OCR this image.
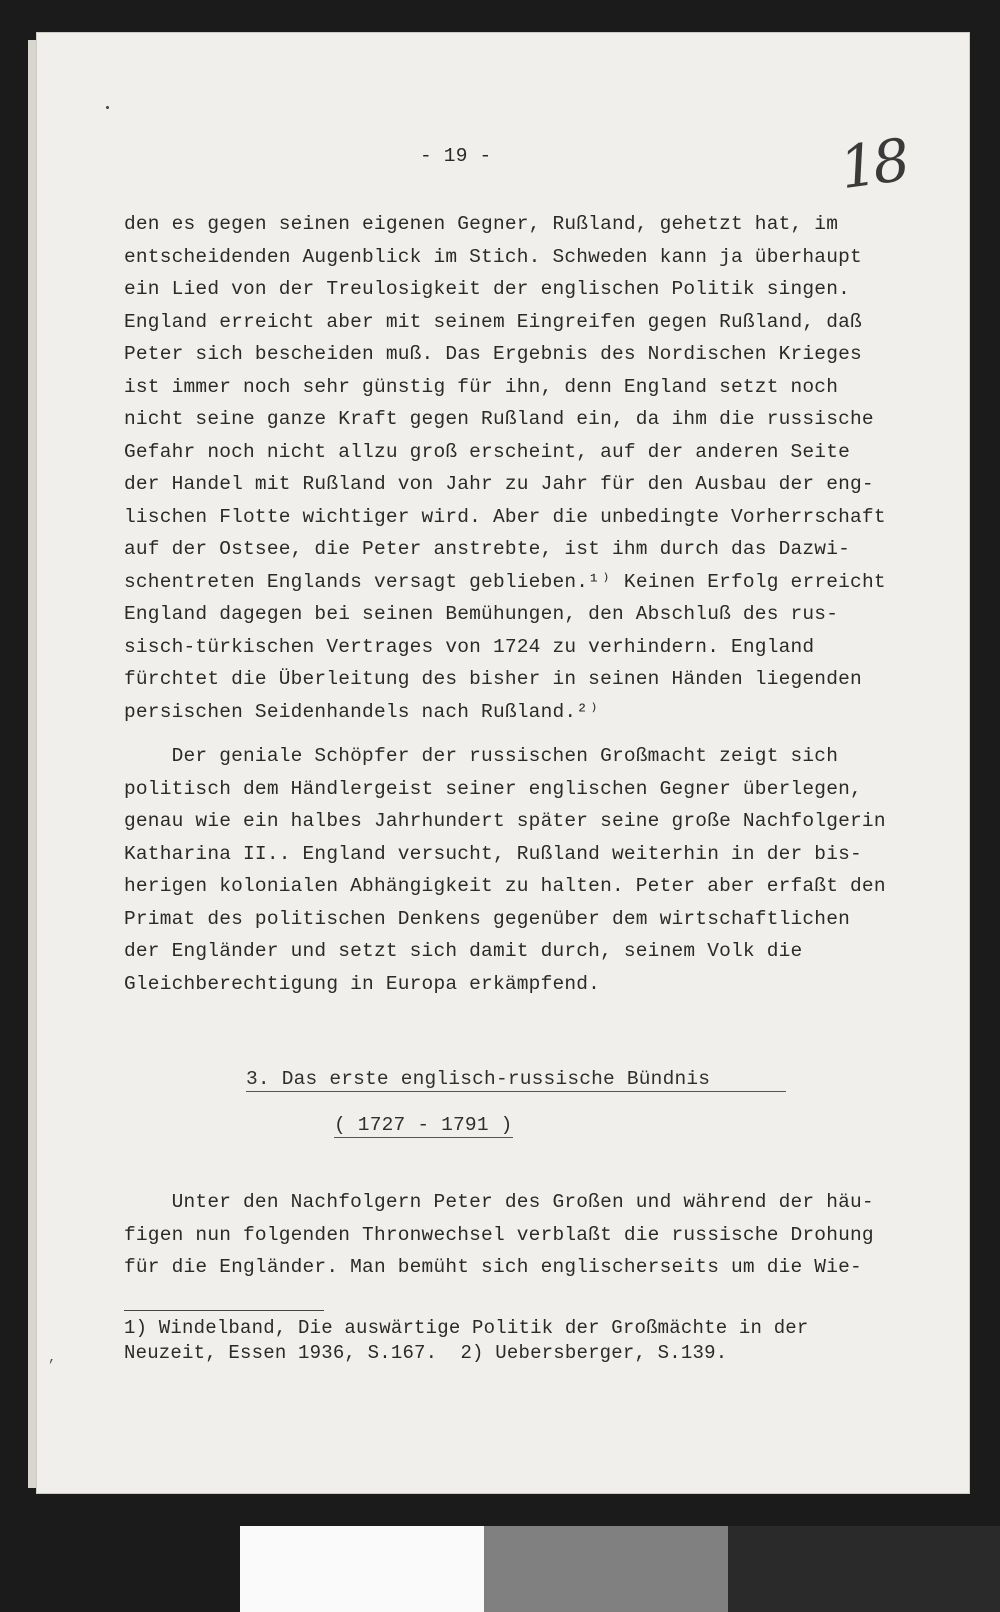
- 19 -	18

den es gegen seinen eigenen Gegner, Rußland, gehetzt hat, im
entscheidenden Augenblick im Stich. Schweden kann ja überhaupt
ein Lied von der Treulosigkeit der englischen Politik singen.
England erreicht aber mit seinem Eingreifen gegen Rußland, daß
Peter sich bescheiden muß. Das Ergebnis des Nordischen Krieges
ist immer noch sehr günstig für ihn, denn England setzt noch
nicht seine ganze Kraft gegen Rußland ein, da ihm die russische
Gefahr noch nicht allzu groß erscheint, auf der anderen Seite
der Handel mit Rußland von Jahr zu Jahr für den Ausbau der eng-
lischen Flotte wichtiger wird. Aber die unbedingte Vorherrschaft
auf der Ostsee, die Peter anstrebte, ist ihm durch das Dazwi-
schentreten Englands versagt geblieben.¹⁾ Keinen Erfolg erreicht
England dagegen bei seinen Bemühungen, den Abschluß des rus-
sisch-türkischen Vertrages von 1724 zu verhindern. England
fürchtet die Überleitung des bisher in seinen Händen liegenden
persischen Seidenhandels nach Rußland.²⁾

Der geniale Schöpfer der russischen Großmacht zeigt sich
politisch dem Händlergeist seiner englischen Gegner überlegen,
genau wie ein halbes Jahrhundert später seine große Nachfolgerin
Katharina II.. England versucht, Rußland weiterhin in der bis-
herigen kolonialen Abhängigkeit zu halten. Peter aber erfaßt den
Primat des politischen Denkens gegenüber dem wirtschaftlichen
der Engländer und setzt sich damit durch, seinem Volk die
Gleichberechtigung in Europa erkämpfend.

3. Das erste englisch-russische Bündnis
( 1727 - 1791 )

Unter den Nachfolgern Peter des Großen und während der häu-
figen nun folgenden Thronwechsel verblaßt die russische Drohung
für die Engländer. Man bemüht sich englischerseits um die Wie-

1) Windelband, Die auswärtige Politik der Großmächte in der
Neuzeit, Essen 1936, S.167.  2) Uebersberger, S.139.

,
